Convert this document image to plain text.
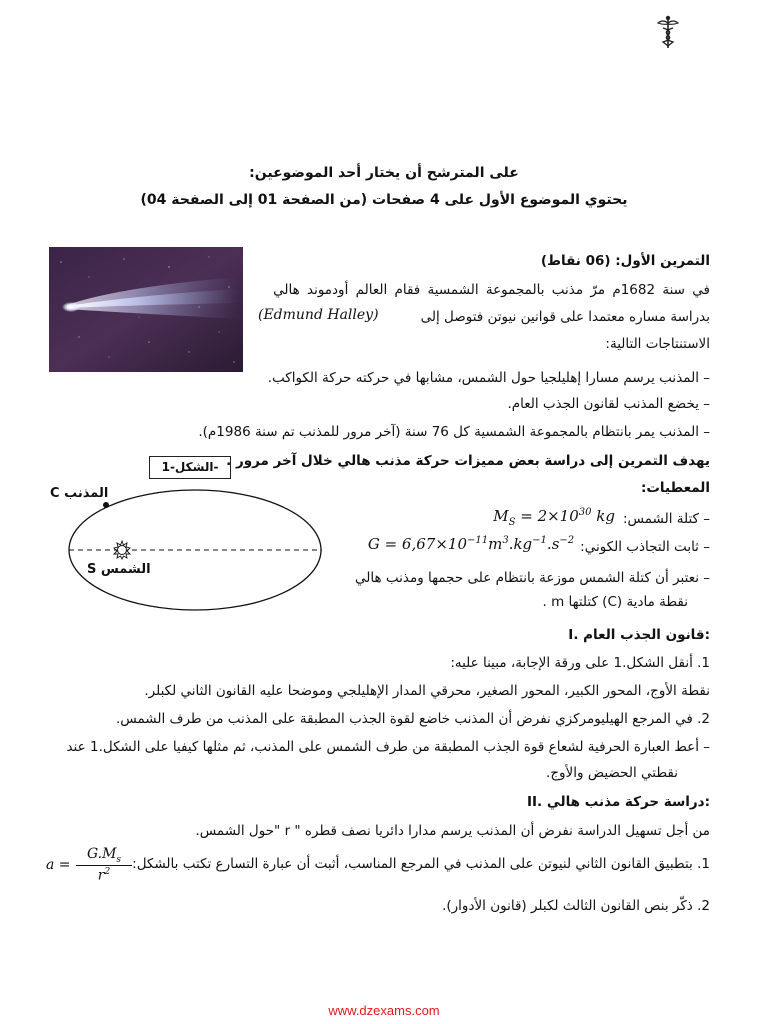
على المترشح أن يختار أحد الموضوعين:
يحتوي الموضوع الأول على 4 صفحات (من الصفحة 01 إلى الصفحة 04)
التمرين الأول: (06 نقاط)
في سنة 1682م مرّ مذنب بالمجموعة الشمسية فقام العالم أودموند هالي
بدراسة مساره معتمدا على قوانين نيوتن فتوصل إلى
(Edmund Halley)
الاستنتاجات التالية:
– المذنب يرسم مسارا إهليلجيا حول الشمس، مشابها في حركته حركة الكواكب.
– يخضع المذنب لقانون الجذب العام.
– المذنب يمر بانتظام بالمجموعة الشمسية كل 76 سنة (آخر مرور للمذنب تم سنة 1986م).
يهدف التمرين إلى دراسة بعض مميزات حركة مذنب هالي خلال آخر مرور .
المعطيات:
– كتلة الشمس:
$M_S = 2\times 10^{30}$ kg
– ثابت التجاذب الكوني:
$G = 6,67\times 10^{-11}m^3.kg^{-1}.s^{-2}$
– نعتبر أن كتلة الشمس موزعة بانتظام على حجمها ومذنب هالي
نقطة مادية (C) كتلتها m .
الشكل-1-
المذنب C
الشمس S
I. قانون الجذب العام:
1. أنقل الشكل.1 على ورقة الإجابة، مبينا عليه:
نقطة الأوج، المحور الكبير، المحور الصغير، محرقي المدار الإهليلجي وموضحا عليه القانون الثاني لكبلر.
2. في المرجع الهيليومركزي نفرض أن المذنب خاضع لقوة الجذب المطبقة على المذنب من طرف الشمس.
– أعط العبارة الحرفية لشعاع قوة الجذب المطبقة من طرف الشمس على المذنب، ثم مثلها كيفيا على الشكل.1 عند
نقطتي الحضيض والأوج.
II. دراسة حركة مذنب هالي:
من أجل تسهيل الدراسة نفرض أن المذنب يرسم مدارا دائريا نصف قطره " r "حول الشمس.
1. بتطبيق القانون الثاني لنيوتن على المذنب في المرجع المناسب، أثبت أن عبارة التسارع تكتب بالشكل:
a =
$G.M_s$
$r^2$
2. ذكّر بنص القانون الثالث لكبلر (قانون الأدوار).
www.dzexams.com
